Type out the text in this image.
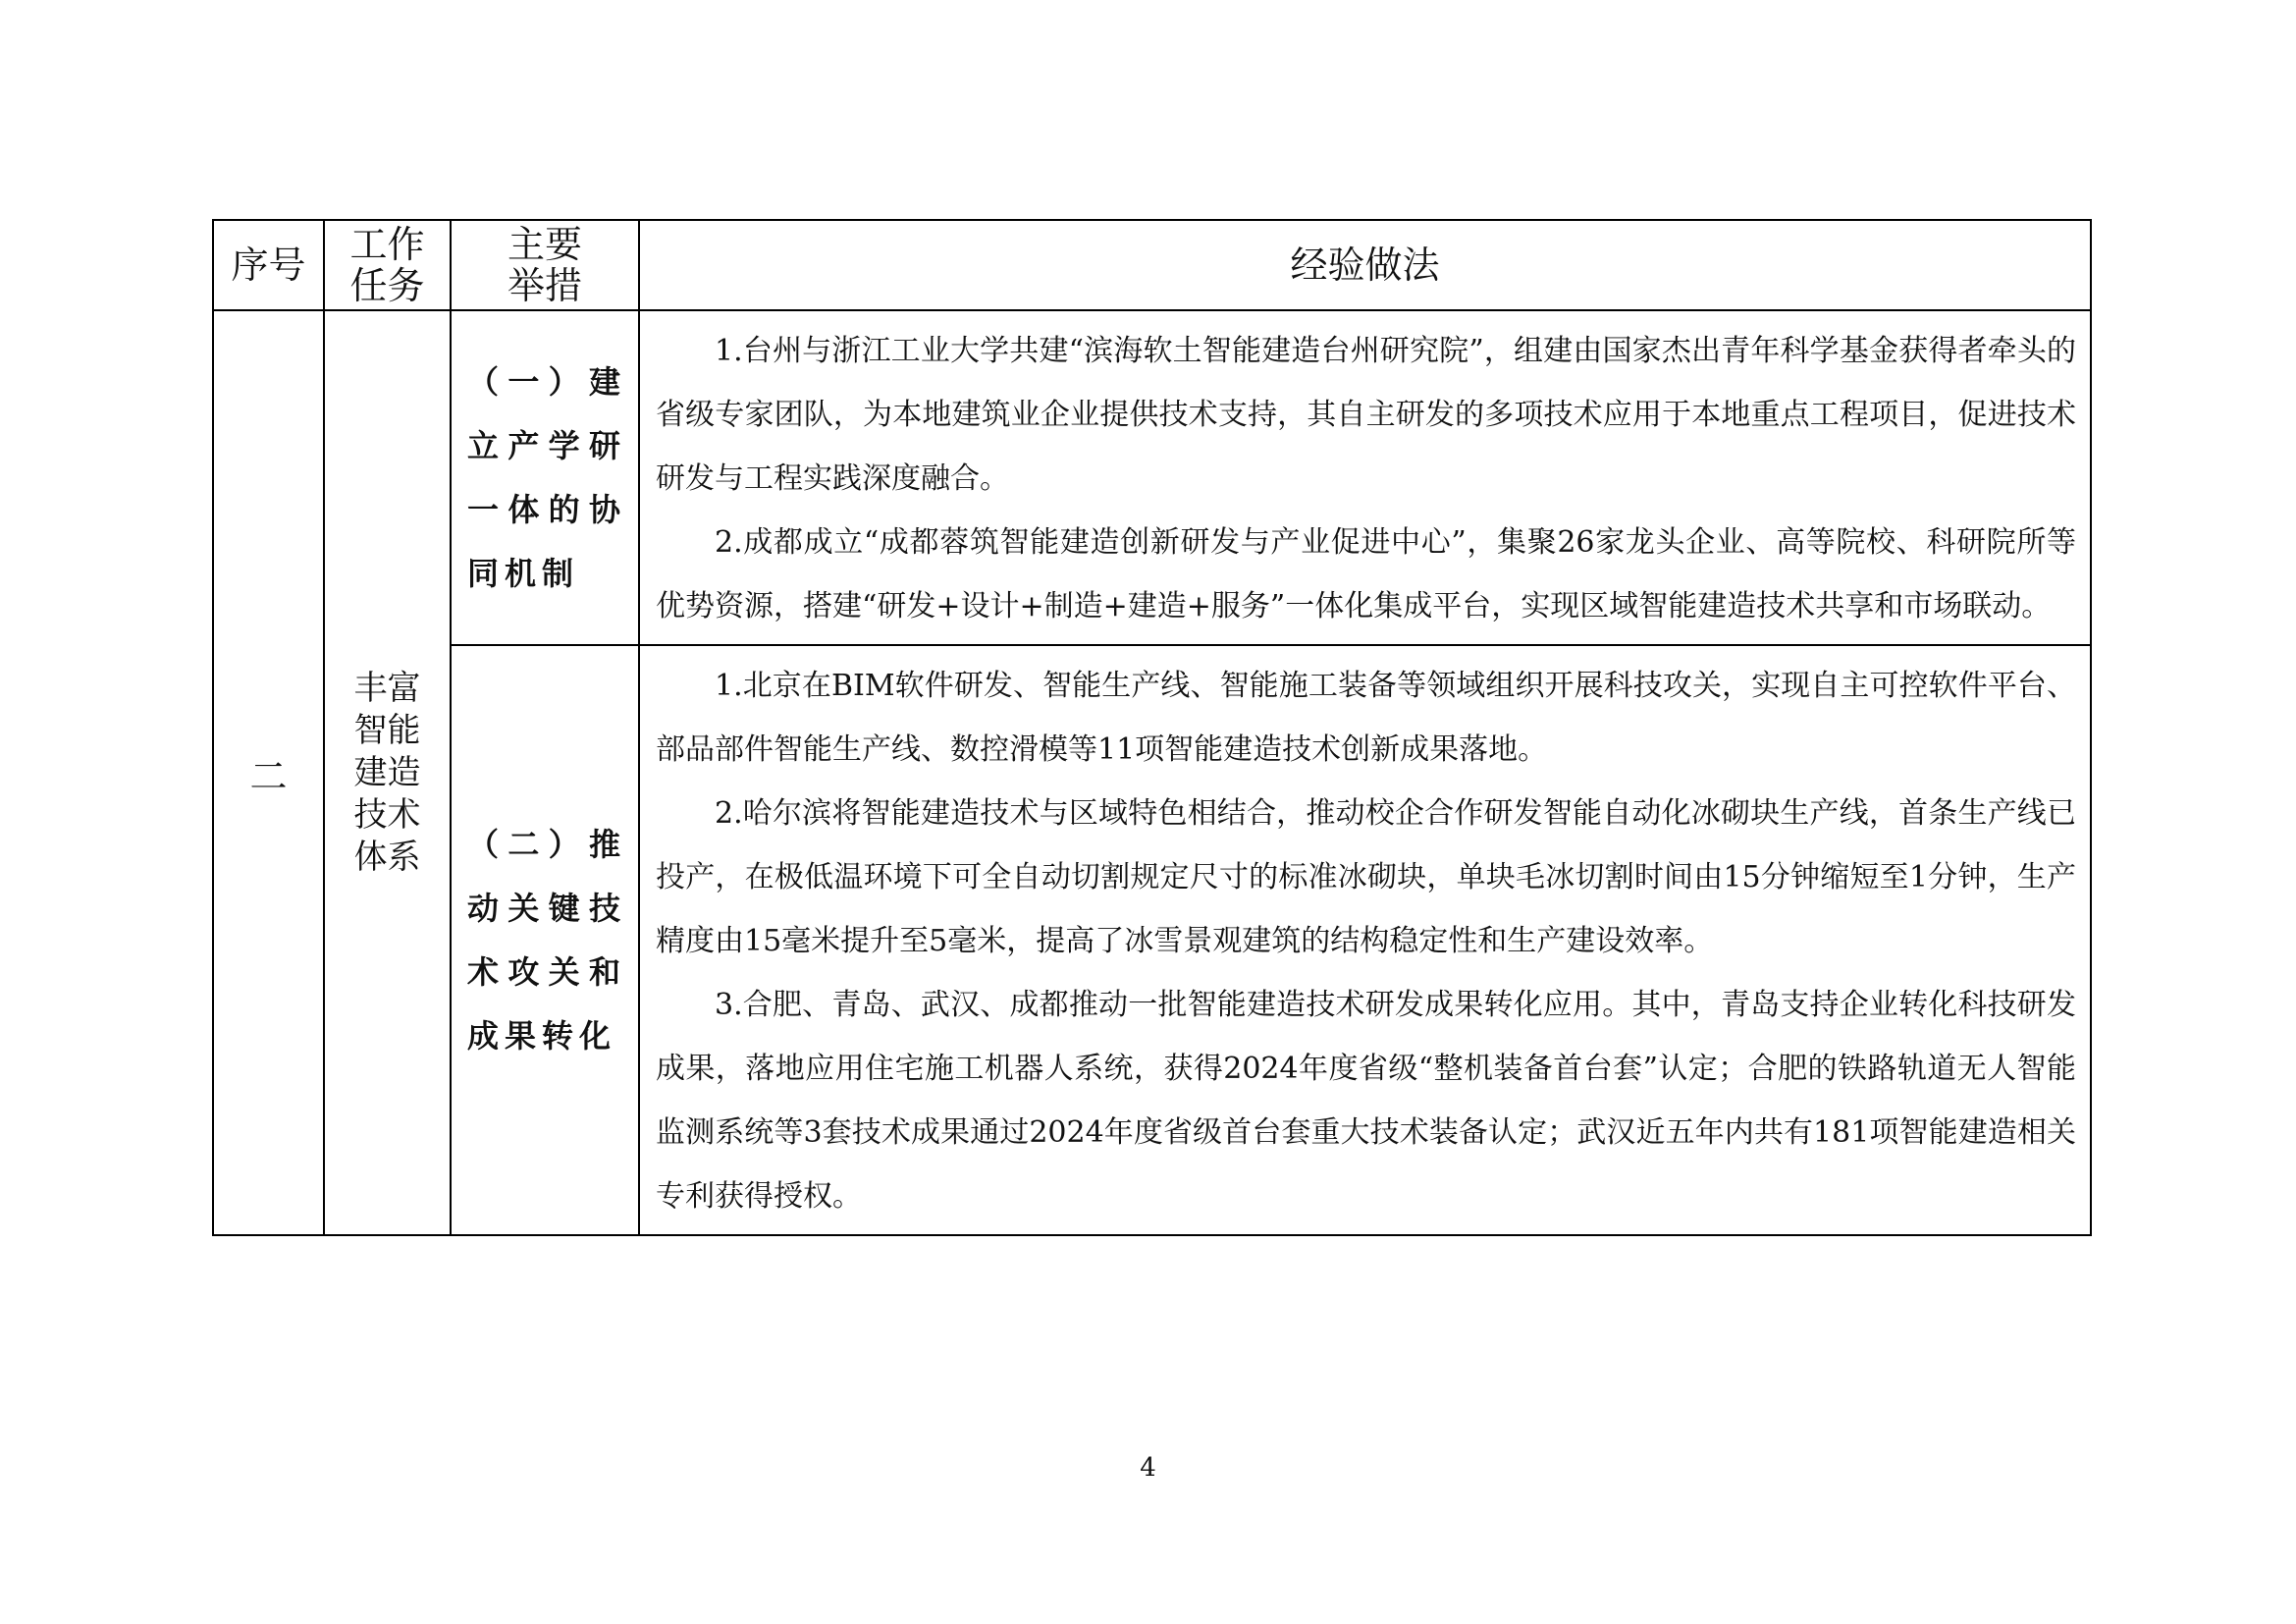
序号	工作任务	主要举措	经验做法
二	丰富智能建造技术体系	（一）建立产学研一体的协同机制	1.台州与浙江工业大学共建“滨海软土智能建造台州研究院”，组建由国家杰出青年科学基金获得者牵头的省级专家团队，为本地建筑业企业提供技术支持，其自主研发的多项技术应用于本地重点工程项目，促进技术研发与工程实践深度融合。

2.成都成立“成都蓉筑智能建造创新研发与产业促进中心”，集聚26家龙头企业、高等院校、科研院所等优势资源，搭建“研发+设计+制造+建造+服务”一体化集成平台，实现区域智能建造技术共享和市场联动。

		（二）推动关键技术攻关和成果转化	1.北京在BIM软件研发、智能生产线、智能施工装备等领域组织开展科技攻关，实现自主可控软件平台、部品部件智能生产线、数控滑模等11项智能建造技术创新成果落地。

2.哈尔滨将智能建造技术与区域特色相结合，推动校企合作研发智能自动化冰砌块生产线，首条生产线已投产，在极低温环境下可全自动切割规定尺寸的标准冰砌块，单块毛冰切割时间由15分钟缩短至1分钟，生产精度由15毫米提升至5毫米，提高了冰雪景观建筑的结构稳定性和生产建设效率。

3.合肥、青岛、武汉、成都推动一批智能建造技术研发成果转化应用。其中，青岛支持企业转化科技研发成果，落地应用住宅施工机器人系统，获得2024年度省级“整机装备首台套”认定；合肥的铁路轨道无人智能监测系统等3套技术成果通过2024年度省级首台套重大技术装备认定；武汉近五年内共有181项智能建造相关专利获得授权。

4
